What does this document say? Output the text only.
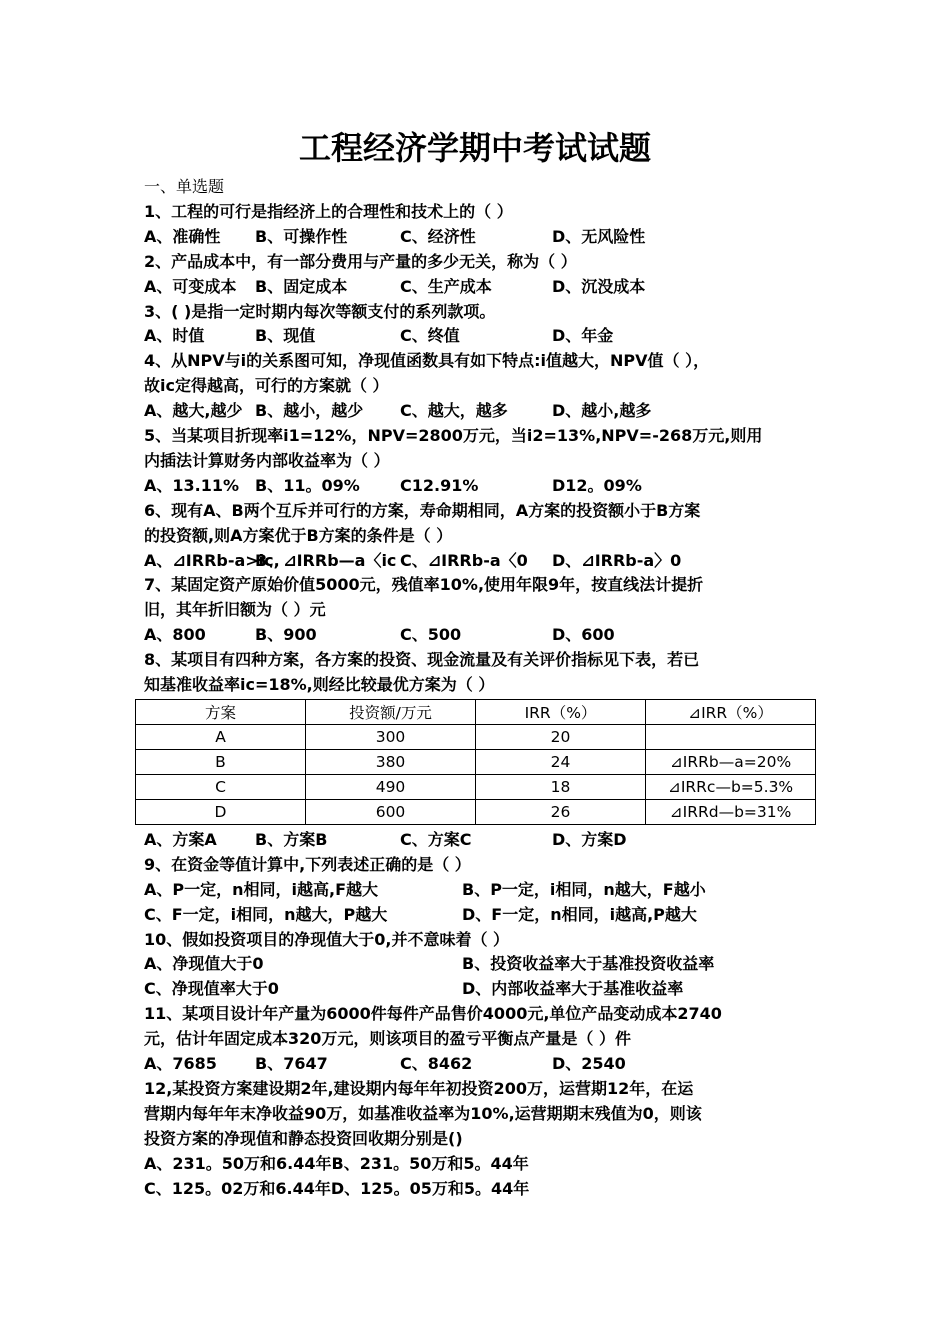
工程经济学期中考试试题
一、单选题
1、工程的可行是指经济上的合理性和技术上的（ ）
A、准确性 B、可操作性	C、经济性	D、无风险性
2、产品成本中，有一部分费用与产量的多少无关，称为（ ）
A、可变成本 B、固定成本	C、生产成本	D、沉没成本
3、( )是指一定时期内每次等额支付的系列款项。
A、时值	B、现值	C、终值	D、年金
4、从NPV与i的关系图可知，净现值函数具有如下特点:i值越大，NPV值（ ），
故ic定得越高，可行的方案就（ ）
A、越大,越少 B、越小，越少 C、越大，越多	D、越小,越多
5、当某项目折现率i1=12%，NPV=2800万元，当i2=13%,NPV=-268万元,则用
内插法计算财务内部收益率为（ ）
A、13.11% B、11。09%	C12.91%	D12。09%
6、现有A、B两个互斥并可行的方案，寿命期相同，A方案的投资额小于B方案
的投资额,则A方案优于B方案的条件是（ ）
A、⊿IRRb-a>ic,
B、⊿IRRb—a〈ic C、⊿IRRb-a〈0 D、⊿IRRb-a〉0
7、某固定资产原始价值5000元，残值率10%,使用年限9年，按直线法计提折
旧，其年折旧额为（ ）元
A、800	B、900	C、500	D、600
8、某项目有四种方案，各方案的投资、现金流量及有关评价指标见下表，若已
知基准收益率ic=18%,则经比较最优方案为（ ）
方案	投资额/万元	IRR（%）	⊿IRR（%）
A	300	20	
B	380	24	⊿IRRb—a=20%
C	490	18	⊿IRRc—b=5.3%
D	600	26	⊿IRRd—b=31%
A、方案A B、方案B	C、方案C	D、方案D
9、在资金等值计算中,下列表述正确的是（ ）
A、P一定，n相同，i越高,F越大	B、P一定，i相同，n越大，F越小
C、F一定，i相同，n越大，P越大	D、F一定，n相同，i越高,P越大
10、假如投资项目的净现值大于0,并不意味着（ ）
A、净现值大于0	B、投资收益率大于基准投资收益率
C、净现值率大于0	D、内部收益率大于基准收益率
11、某项目设计年产量为6000件每件产品售价4000元,单位产品变动成本2740
元，估计年固定成本320万元，则该项目的盈亏平衡点产量是（ ）件
A、7685 B、7647	C、8462	D、2540
12,某投资方案建设期2年,建设期内每年年初投资200万，运营期12年，在运
营期内每年年末净收益90万，如基准收益率为10%,运营期期末残值为0，则该
投资方案的净现值和静态投资回收期分别是()
A、231。50万和6.44年B、231。50万和5。44年
C、125。02万和6.44年D、125。05万和5。44年
